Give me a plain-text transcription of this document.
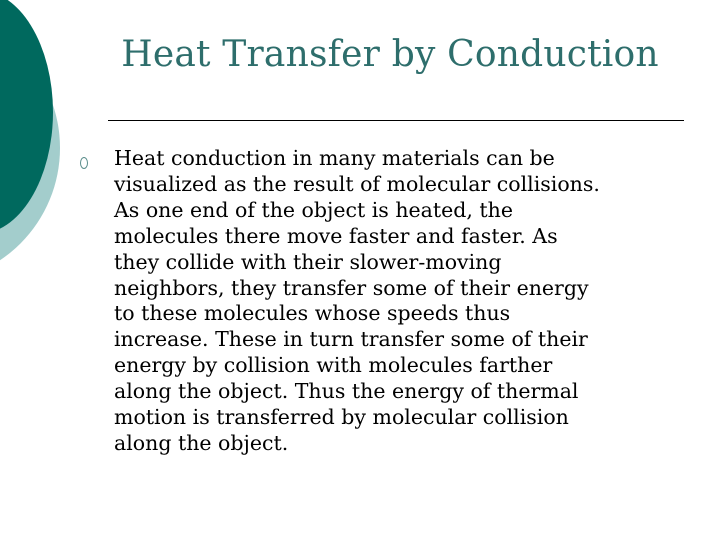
Heat Transfer by Conduction

Heat conduction in many materials can be
visualized as the result of molecular collisions.
As one end of the object is heated, the
molecules there move faster and faster. As
they collide with their slower-moving
neighbors, they transfer some of their energy
to these molecules whose speeds thus
increase. These in turn transfer some of their
energy by collision with molecules farther
along the object. Thus the energy of thermal
motion is transferred by molecular collision
along the object.
